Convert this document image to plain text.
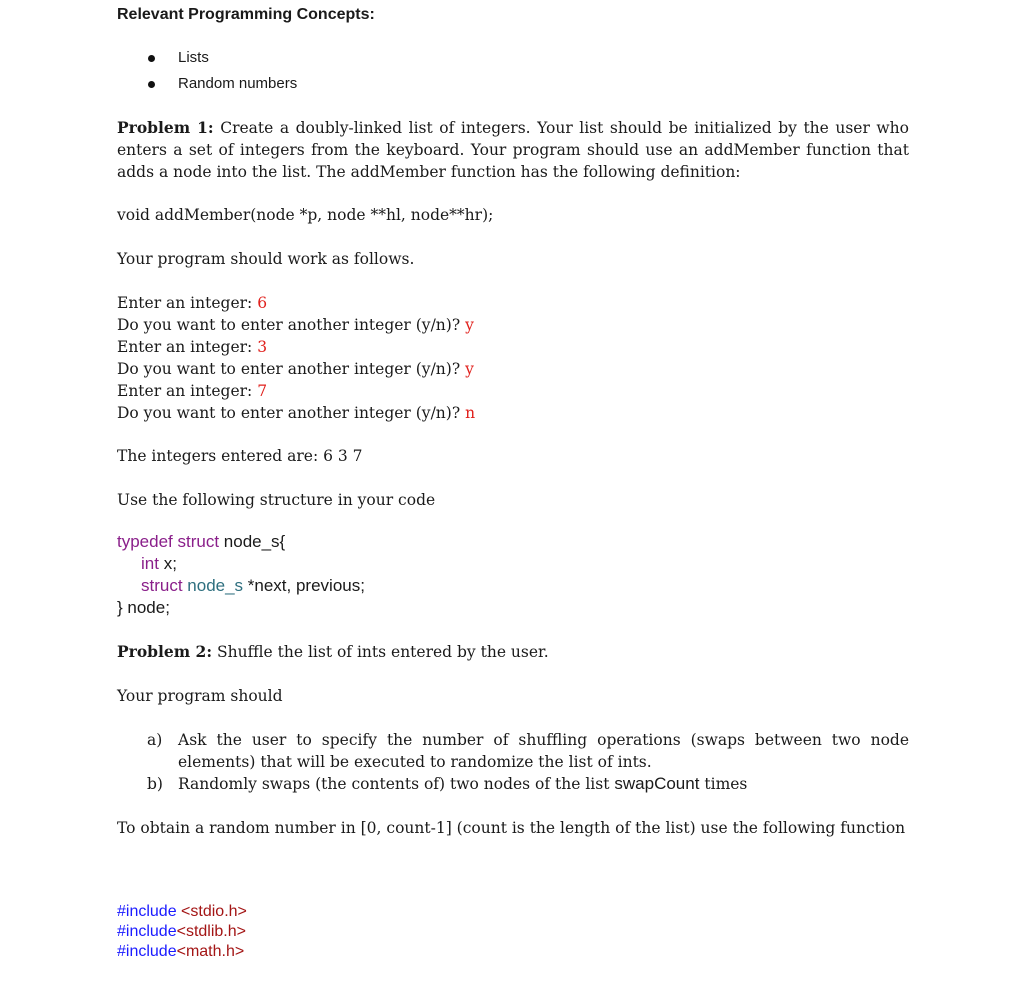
Relevant Programming Concepts:
Lists
Random numbers
Problem 1: Create a doubly-linked list of integers. Your list should be initialized by the user who enters a set of integers from the keyboard. Your program should use an addMember function that adds a node into the list. The addMember function has the following definition:
void addMember(node *p, node **hl, node**hr);
Your program should work as follows.
Enter an integer: 6
Do you want to enter another integer (y/n)? y
Enter an integer: 3
Do you want to enter another integer (y/n)? y
Enter an integer: 7
Do you want to enter another integer (y/n)? n
The integers entered are: 6 3 7
Use the following structure in your code
typedef struct node_s{
int x;
struct node_s *next, previous;
} node;
Problem 2: Shuffle the list of ints entered by the user.
Your program should
a) Ask the user to specify the number of shuffling operations (swaps between two node elements) that will be executed to randomize the list of ints.
b) Randomly swaps (the contents of) two nodes of the list swapCount times
To obtain a random number in [0, count-1] (count is the length of the list) use the following function
#include <stdio.h>
#include<stdlib.h>
#include<math.h>
